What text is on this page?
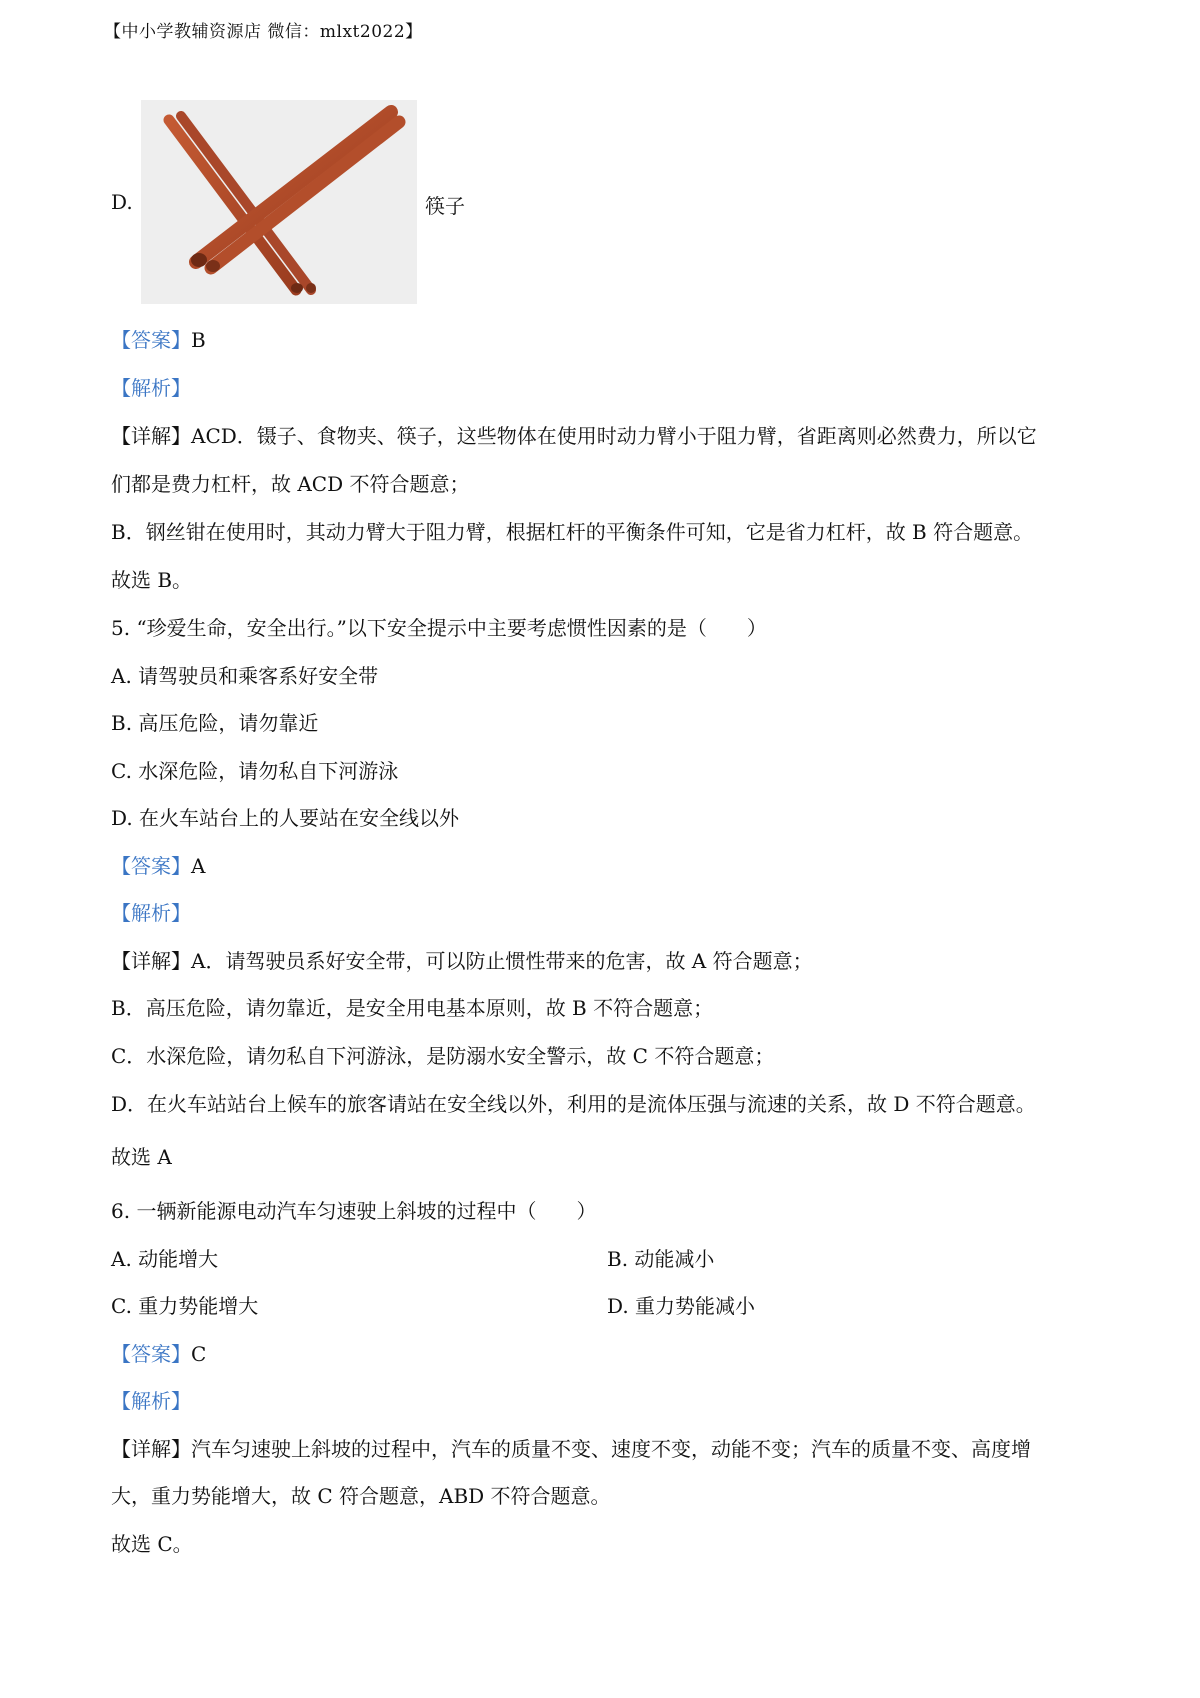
【中小学教辅资源店 微信：mlxt2022】
D.	筷子
【答案】B
【解析】
【详解】ACD．镊子、食物夹、筷子，这些物体在使用时动力臂小于阻力臂，省距离则必然费力，所以它
们都是费力杠杆，故 ACD 不符合题意；
B．钢丝钳在使用时，其动力臂大于阻力臂，根据杠杆的平衡条件可知，它是省力杠杆，故 B 符合题意。
故选 B。
5. “珍爱生命，安全出行。”以下安全提示中主要考虑惯性因素的是（　　）
A. 请驾驶员和乘客系好安全带
B. 高压危险，请勿靠近
C. 水深危险，请勿私自下河游泳
D. 在火车站台上的人要站在安全线以外
【答案】A
【解析】
【详解】A．请驾驶员系好安全带，可以防止惯性带来的危害，故 A 符合题意；
B．高压危险，请勿靠近，是安全用电基本原则，故 B 不符合题意；
C．水深危险，请勿私自下河游泳，是防溺水安全警示，故 C 不符合题意；
D．在火车站站台上候车的旅客请站在安全线以外，利用的是流体压强与流速的关系，故 D 不符合题意。
故选 A
6. 一辆新能源电动汽车匀速驶上斜坡的过程中（　　）
A. 动能增大	B. 动能减小
C. 重力势能增大	D. 重力势能减小
【答案】C
【解析】
【详解】汽车匀速驶上斜坡的过程中，汽车的质量不变、速度不变，动能不变；汽车的质量不变、高度增
大，重力势能增大，故 C 符合题意，ABD 不符合题意。
故选 C。
